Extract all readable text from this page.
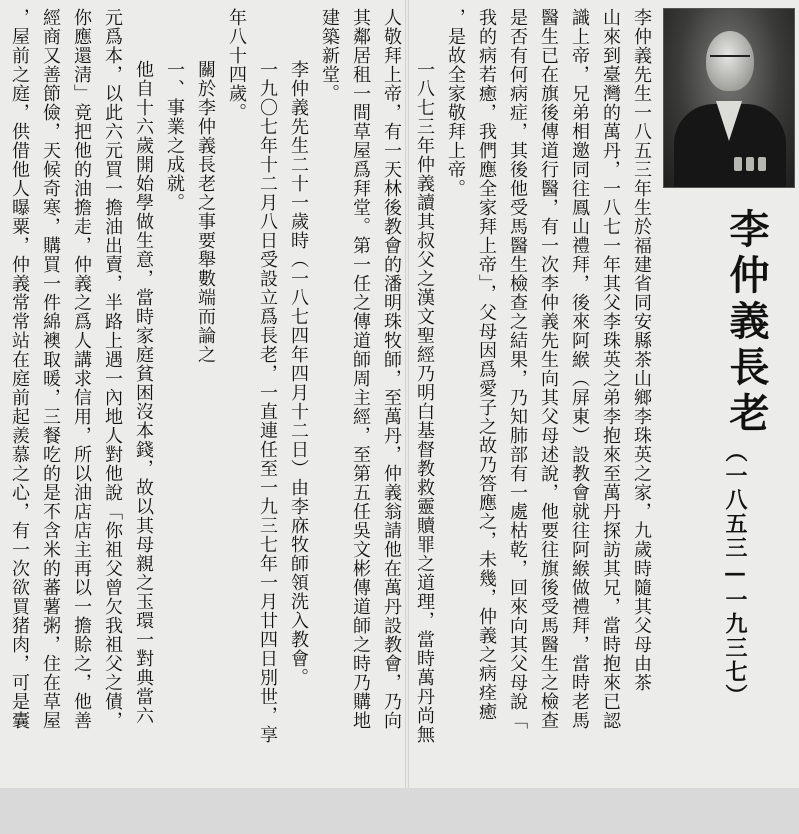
李仲義長老
（一八五三—一九三七）
李仲義先生一八五三年生於福建省同安縣茶山鄉李珠英之家，九歲時隨其父母由茶
山來到臺灣的萬丹，一八七一年其父李珠英之弟李抱來至萬丹探訪其兄，當時抱來已認
識上帝，兄弟相邀同往鳳山禮拜，後來阿緱（屏東）設教會就往阿緱做禮拜，當時老馬
醫生已在旗後傳道行醫，有一次李仲義先生向其父母述說，他要往旗後受馬醫生之檢查
是否有何病症，其後他受馬醫生檢查之結果，乃知肺部有一處枯乾，回來向其父母說「
我的病若癒，我們應全家拜上帝」，父母因爲愛子之故乃答應之，未幾，仲義之病痊癒
，是故全家敬拜上帝。
一八七三年仲義讀其叔父之漢文聖經乃明白基督教救靈贖罪之道理，當時萬丹尚無
人敬拜上帝，有一天林後教會的潘明珠牧師，至萬丹，仲義翁請他在萬丹設教會，乃向
其鄰居租一間草屋爲拜堂。第一任之傳道師周主經，至第五任吳文彬傳道師之時乃購地
建築新堂。
李仲義先生二十一歲時（一八七四年四月十二日）由李庥牧師領洗入教會。
一九〇七年十二月八日受設立爲長老，一直連任至一九三七年一月廿四日別世，享
年八十四歲。
關於李仲義長老之事要舉數端而論之
一、事業之成就。
他自十六歲開始學做生意，當時家庭貧困沒本錢，故以其母親之玉環一對典當六
元爲本，以此六元買一擔油出賣，半路上遇一內地人對他說「你祖父曾欠我祖父之債，
你應還淸」竟把他的油擔走，仲義之爲人講求信用，所以油店店主再以一擔賒之，他善
經商又善節儉，天候奇寒，購買一件綿襖取暖，三餐吃的是不含米的蕃薯粥，住在草屋
，屋前之庭，供借他人曝粟，仲義常常站在庭前起羨慕之心，有一次欲買猪肉，可是囊
